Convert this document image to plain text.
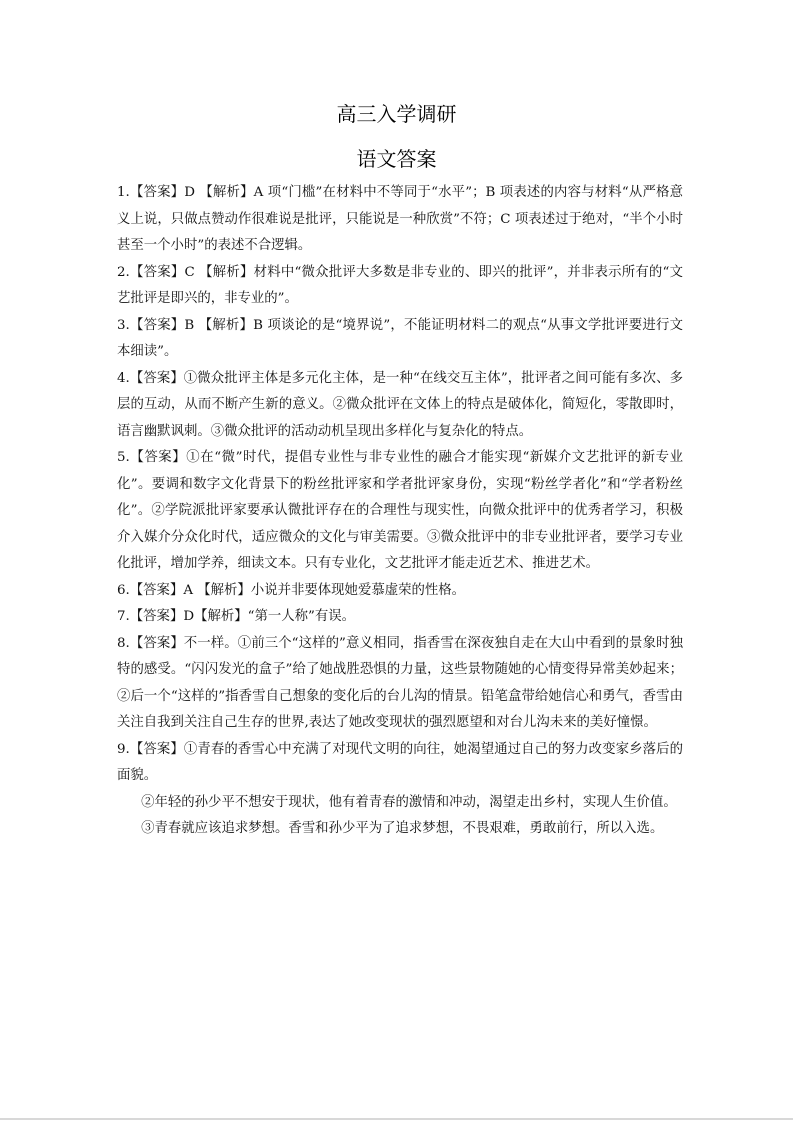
高三入学调研
语文答案

1.【答案】D 【解析】A 项“门槛”在材料中不等同于“水平”；B 项表述的内容与材料“从严格意义上说，只做点赞动作很难说是批评，只能说是一种欣赏”不符；C 项表述过于绝对，“半个小时甚至一个小时”的表述不合逻辑。

2.【答案】C 【解析】材料中“微众批评大多数是非专业的、即兴的批评”，并非表示所有的“文艺批评是即兴的，非专业的”。

3.【答案】B 【解析】B 项谈论的是“境界说”，不能证明材料二的观点“从事文学批评要进行文本细读”。

4.【答案】①微众批评主体是多元化主体，是一种“在线交互主体”，批评者之间可能有多次、多层的互动，从而不断产生新的意义。②微众批评在文体上的特点是破体化，简短化，零散即时，语言幽默讽刺。③微众批评的活动动机呈现出多样化与复杂化的特点。

5.【答案】①在“微”时代，提倡专业性与非专业性的融合才能实现“新媒介文艺批评的新专业化”。要调和数字文化背景下的粉丝批评家和学者批评家身份，实现“粉丝学者化”和“学者粉丝化”。②学院派批评家要承认微批评存在的合理性与现实性，向微众批评中的优秀者学习，积极介入媒介分众化时代，适应微众的文化与审美需要。③微众批评中的非专业批评者，要学习专业化批评，增加学养，细读文本。只有专业化，文艺批评才能走近艺术、推进艺术。

6.【答案】A 【解析】小说并非要体现她爱慕虚荣的性格。

7.【答案】D【解析】“第一人称”有误。

8.【答案】不一样。①前三个“这样的”意义相同，指香雪在深夜独自走在大山中看到的景象时独特的感受。“闪闪发光的盒子”给了她战胜恐惧的力量，这些景物随她的心情变得异常美妙起来；②后一个“这样的”指香雪自己想象的变化后的台儿沟的情景。铅笔盒带给她信心和勇气，香雪由关注自我到关注自己生存的世界,表达了她改变现状的强烈愿望和对台儿沟未来的美好憧憬。

9.【答案】①青春的香雪心中充满了对现代文明的向往，她渴望通过自己的努力改变家乡落后的面貌。

②年轻的孙少平不想安于现状，他有着青春的激情和冲动，渴望走出乡村，实现人生价值。

③青春就应该追求梦想。香雪和孙少平为了追求梦想，不畏艰难，勇敢前行，所以入选。
